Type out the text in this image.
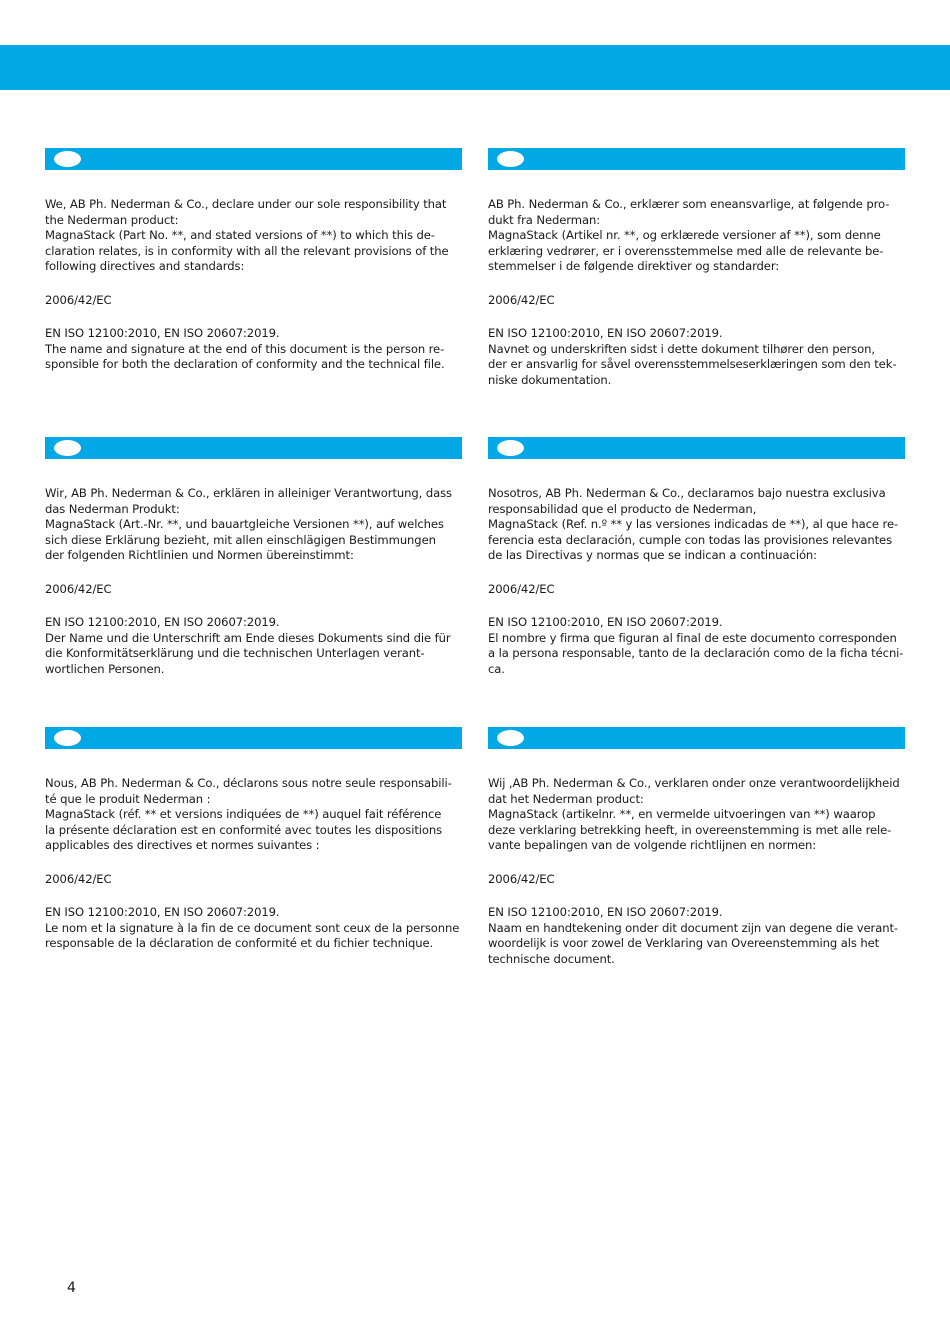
We, AB Ph. Nederman & Co., declare under our sole responsibility that
the Nederman product:
MagnaStack (Part No. **, and stated versions of **) to which this de-
claration relates, is in conformity with all the relevant provisions of the
following directives and standards:

2006/42/EC

EN ISO 12100:2010, EN ISO 20607:2019.
The name and signature at the end of this document is the person re-
sponsible for both the declaration of conformity and the technical file.

AB Ph. Nederman & Co., erklærer som eneansvarlige, at følgende pro-
dukt fra Nederman:
MagnaStack (Artikel nr. **, og erklærede versioner af **), som denne
erklæring vedrører, er i overensstemmelse med alle de relevante be-
stemmelser i de følgende direktiver og standarder:

2006/42/EC

EN ISO 12100:2010, EN ISO 20607:2019.
Navnet og underskriften sidst i dette dokument tilhører den person,
der er ansvarlig for såvel overensstemmelseserklæringen som den tek-
niske dokumentation.

Wir, AB Ph. Nederman & Co., erklären in alleiniger Verantwortung, dass
das Nederman Produkt:
MagnaStack (Art.-Nr. **, und bauartgleiche Versionen **), auf welches
sich diese Erklärung bezieht, mit allen einschlägigen Bestimmungen
der folgenden Richtlinien und Normen übereinstimmt:

2006/42/EC

EN ISO 12100:2010, EN ISO 20607:2019.
Der Name und die Unterschrift am Ende dieses Dokuments sind die für
die Konformitätserklärung und die technischen Unterlagen verant-
wortlichen Personen.

Nosotros, AB Ph. Nederman & Co., declaramos bajo nuestra exclusiva
responsabilidad que el producto de Nederman,
MagnaStack (Ref. n.º ** y las versiones indicadas de **), al que hace re-
ferencia esta declaración, cumple con todas las provisiones relevantes
de las Directivas y normas que se indican a continuación:

2006/42/EC

EN ISO 12100:2010, EN ISO 20607:2019.
El nombre y firma que figuran al final de este documento corresponden
a la persona responsable, tanto de la declaración como de la ficha técni-
ca.

Nous, AB Ph. Nederman & Co., déclarons sous notre seule responsabili-
té que le produit Nederman :
MagnaStack (réf. ** et versions indiquées de **) auquel fait référence
la présente déclaration est en conformité avec toutes les dispositions
applicables des directives et normes suivantes :

2006/42/EC

EN ISO 12100:2010, EN ISO 20607:2019.
Le nom et la signature à la fin de ce document sont ceux de la personne
responsable de la déclaration de conformité et du fichier technique.

Wij ,AB Ph. Nederman & Co., verklaren onder onze verantwoordelijkheid
dat het Nederman product:
MagnaStack (artikelnr. **, en vermelde uitvoeringen van **) waarop
deze verklaring betrekking heeft, in overeenstemming is met alle rele-
vante bepalingen van de volgende richtlijnen en normen:

2006/42/EC

EN ISO 12100:2010, EN ISO 20607:2019.
Naam en handtekening onder dit document zijn van degene die verant-
woordelijk is voor zowel de Verklaring van Overeenstemming als het
technische document.

4
